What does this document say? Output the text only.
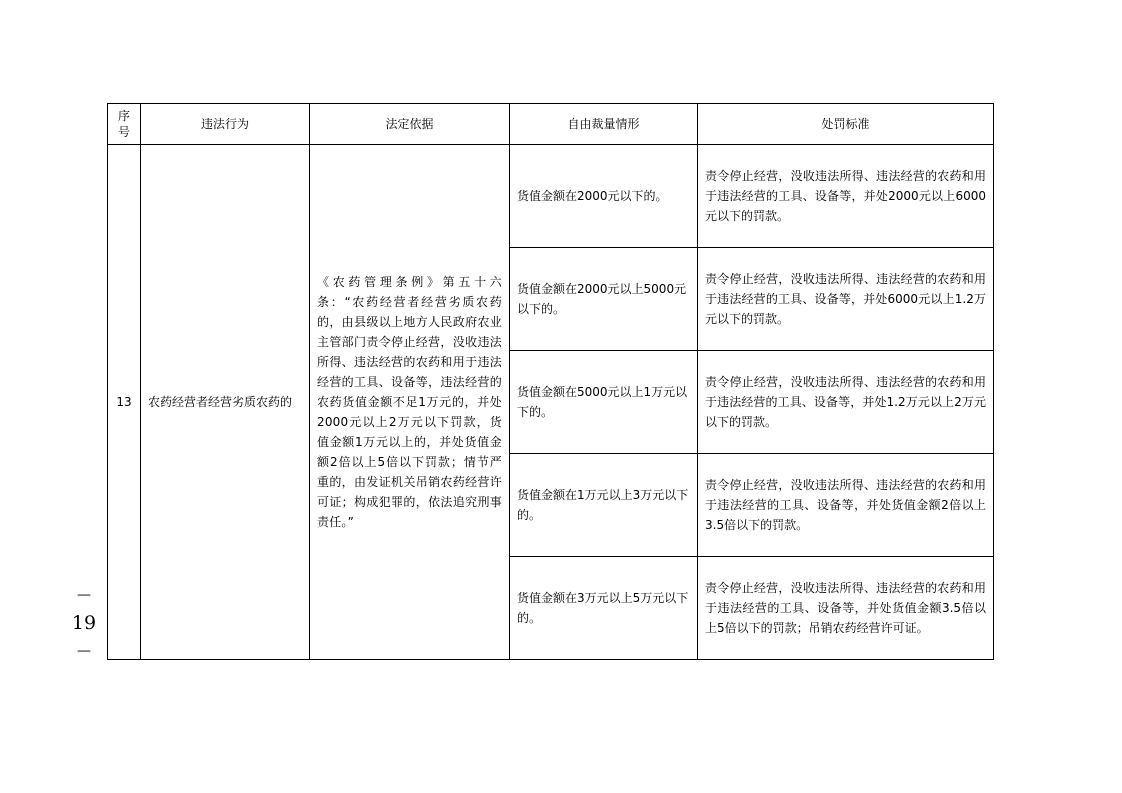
—
19
—
序
号	违法行为	法定依据	自由裁量情形	处罚标准
13	农药经营者经营劣质农药的	《农药管理条例》第五十六条：“农药经营者经营劣质农药的，由县级以上地方人民政府农业主管部门责令停止经营，没收违法所得、违法经营的农药和用于违法经营的工具、设备等，违法经营的农药货值金额不足1万元的，并处2000元以上2万元以下罚款，货值金额1万元以上的，并处货值金额2倍以上5倍以下罚款；情节严重的，由发证机关吊销农药经营许可证；构成犯罪的，依法追究刑事责任。”	货值金额在2000元以下的。	责令停止经营，没收违法所得、违法经营的农药和用于违法经营的工具、设备等，并处2000元以上6000元以下的罚款。
			货值金额在2000元以上5000元以下的。	责令停止经营，没收违法所得、违法经营的农药和用于违法经营的工具、设备等，并处6000元以上1.2万元以下的罚款。
			货值金额在5000元以上1万元以下的。	责令停止经营，没收违法所得、违法经营的农药和用于违法经营的工具、设备等，并处1.2万元以上2万元以下的罚款。
			货值金额在1万元以上3万元以下的。	责令停止经营，没收违法所得、违法经营的农药和用于违法经营的工具、设备等，并处货值金额2倍以上3.5倍以下的罚款。
			货值金额在3万元以上5万元以下的。	责令停止经营，没收违法所得、违法经营的农药和用于违法经营的工具、设备等，并处货值金额3.5倍以上5倍以下的罚款；吊销农药经营许可证。
